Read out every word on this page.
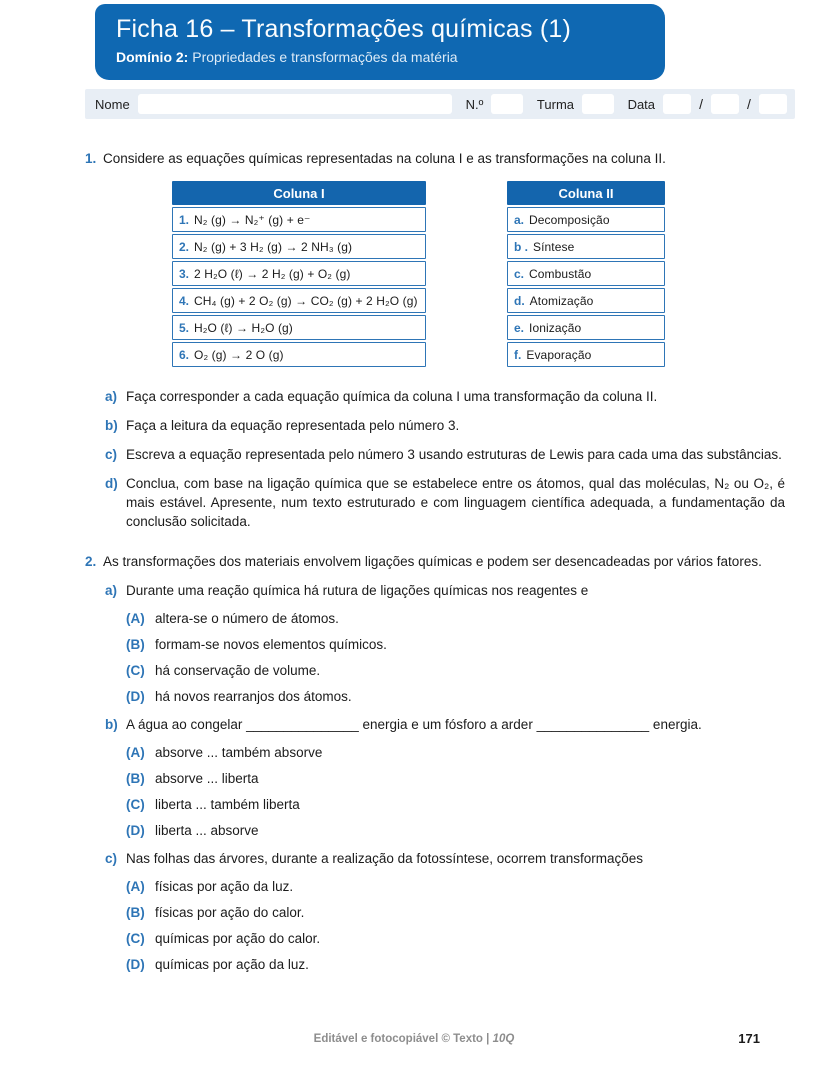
Ficha 16 – Transformações químicas (1)
Domínio 2: Propriedades e transformações da matéria
Nome	N.º	Turma	Data	/	/
1. Considere as equações químicas representadas na coluna I e as transformações na coluna II.
Coluna I
1. N₂ (g) → N₂⁺ (g) + e⁻
2. N₂ (g) + 3 H₂ (g) → 2 NH₃ (g)
3. 2 H₂O (ℓ) → 2 H₂ (g) + O₂ (g)
4. CH₄ (g) + 2 O₂ (g) → CO₂ (g) + 2 H₂O (g)
5. H₂O (ℓ) → H₂O (g)
6. O₂ (g) → 2 O (g)
Coluna II
a. Decomposição
b . Síntese
c. Combustão
d. Atomização
e. Ionização
f. Evaporação
a) Faça corresponder a cada equação química da coluna I uma transformação da coluna II.
b) Faça a leitura da equação representada pelo número 3.
c) Escreva a equação representada pelo número 3 usando estruturas de Lewis para cada uma das substâncias.
d) Conclua, com base na ligação química que se estabelece entre os átomos, qual das moléculas, N₂ ou O₂, é mais estável. Apresente, num texto estruturado e com linguagem científica adequada, a fundamentação da conclusão solicitada.
2. As transformações dos materiais envolvem ligações químicas e podem ser desencadeadas por vários fatores.
a) Durante uma reação química há rutura de ligações químicas nos reagentes e
(A) altera-se o número de átomos.
(B) formam-se novos elementos químicos.
(C) há conservação de volume.
(D) há novos rearranjos dos átomos.
b) A água ao congelar _______________ energia e um fósforo a arder _______________ energia.
(A) absorve ... também absorve
(B) absorve ... liberta
(C) liberta ... também liberta
(D) liberta ... absorve
c) Nas folhas das árvores, durante a realização da fotossíntese, ocorrem transformações
(A) físicas por ação da luz.
(B) físicas por ação do calor.
(C) químicas por ação do calor.
(D) químicas por ação da luz.
Editável e fotocopiável © Texto | 10Q	171
